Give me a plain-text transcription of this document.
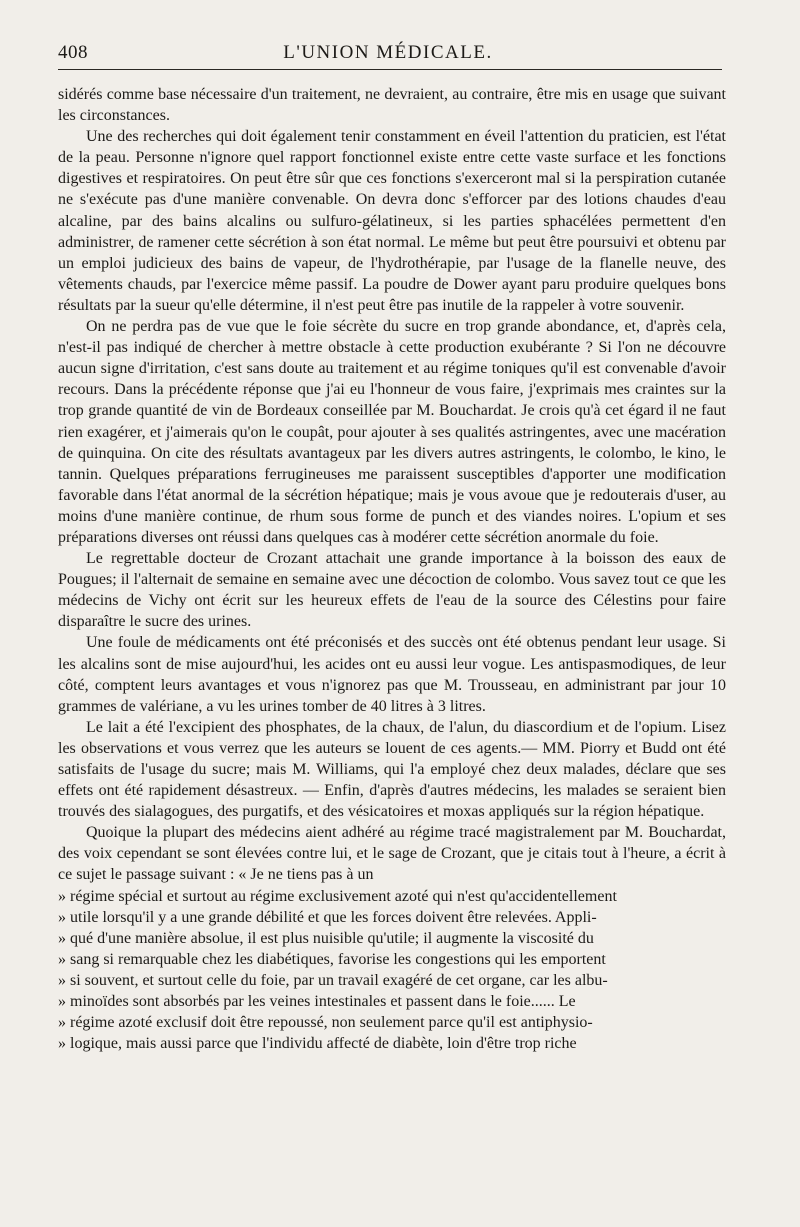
408	L'UNION MÉDICALE.

sidérés comme base nécessaire d'un traitement, ne devraient, au contraire, être mis en usage que suivant les circonstances.

Une des recherches qui doit également tenir constamment en éveil l'attention du praticien, est l'état de la peau. Personne n'ignore quel rapport fonctionnel existe entre cette vaste surface et les fonctions digestives et respiratoires. On peut être sûr que ces fonctions s'exerceront mal si la perspiration cutanée ne s'exécute pas d'une manière convenable. On devra donc s'efforcer par des lotions chaudes d'eau alcaline, par des bains alcalins ou sulfuro-gélatineux, si les parties sphacélées permettent d'en administrer, de ramener cette sécrétion à son état normal. Le même but peut être poursuivi et obtenu par un emploi judicieux des bains de vapeur, de l'hydrothérapie, par l'usage de la flanelle neuve, des vêtements chauds, par l'exercice même passif. La poudre de Dower ayant paru produire quelques bons résultats par la sueur qu'elle détermine, il n'est peut être pas inutile de la rappeler à votre souvenir.

On ne perdra pas de vue que le foie sécrète du sucre en trop grande abondance, et, d'après cela, n'est-il pas indiqué de chercher à mettre obstacle à cette production exubérante ? Si l'on ne découvre aucun signe d'irritation, c'est sans doute au traitement et au régime toniques qu'il est convenable d'avoir recours. Dans la précédente réponse que j'ai eu l'honneur de vous faire, j'exprimais mes craintes sur la trop grande quantité de vin de Bordeaux conseillée par M. Bouchardat. Je crois qu'à cet égard il ne faut rien exagérer, et j'aimerais qu'on le coupât, pour ajouter à ses qualités astringentes, avec une macération de quinquina. On cite des résultats avantageux par les divers autres astringents, le colombo, le kino, le tannin. Quelques préparations ferrugineuses me paraissent susceptibles d'apporter une modification favorable dans l'état anormal de la sécrétion hépatique; mais je vous avoue que je redouterais d'user, au moins d'une manière continue, de rhum sous forme de punch et des viandes noires. L'opium et ses préparations diverses ont réussi dans quelques cas à modérer cette sécrétion anormale du foie.

Le regrettable docteur de Crozant attachait une grande importance à la boisson des eaux de Pougues; il l'alternait de semaine en semaine avec une décoction de colombo. Vous savez tout ce que les médecins de Vichy ont écrit sur les heureux effets de l'eau de la source des Célestins pour faire disparaître le sucre des urines.

Une foule de médicaments ont été préconisés et des succès ont été obtenus pendant leur usage. Si les alcalins sont de mise aujourd'hui, les acides ont eu aussi leur vogue. Les antispasmodiques, de leur côté, comptent leurs avantages et vous n'ignorez pas que M. Trousseau, en administrant par jour 10 grammes de valériane, a vu les urines tomber de 40 litres à 3 litres.

Le lait a été l'excipient des phosphates, de la chaux, de l'alun, du diascordium et de l'opium. Lisez les observations et vous verrez que les auteurs se louent de ces agents.— MM. Piorry et Budd ont été satisfaits de l'usage du sucre; mais M. Williams, qui l'a employé chez deux malades, déclare que ses effets ont été rapidement désastreux. — Enfin, d'après d'autres médecins, les malades se seraient bien trouvés des sialagogues, des purgatifs, et des vésicatoires et moxas appliqués sur la région hépatique.

Quoique la plupart des médecins aient adhéré au régime tracé magistralement par M. Bouchardat, des voix cependant se sont élevées contre lui, et le sage de Crozant, que je citais tout à l'heure, a écrit à ce sujet le passage suivant : « Je ne tiens pas à un

» régime spécial et surtout au régime exclusivement azoté qui n'est qu'accidentellement
» utile lorsqu'il y a une grande débilité et que les forces doivent être relevées. Appli-
» qué d'une manière absolue, il est plus nuisible qu'utile; il augmente la viscosité du
» sang si remarquable chez les diabétiques, favorise les congestions qui les emportent
» si souvent, et surtout celle du foie, par un travail exagéré de cet organe, car les albu-
» minoïdes sont absorbés par les veines intestinales et passent dans le foie...... Le
» régime azoté exclusif doit être repoussé, non seulement parce qu'il est antiphysio-
» logique, mais aussi parce que l'individu affecté de diabète, loin d'être trop riche
